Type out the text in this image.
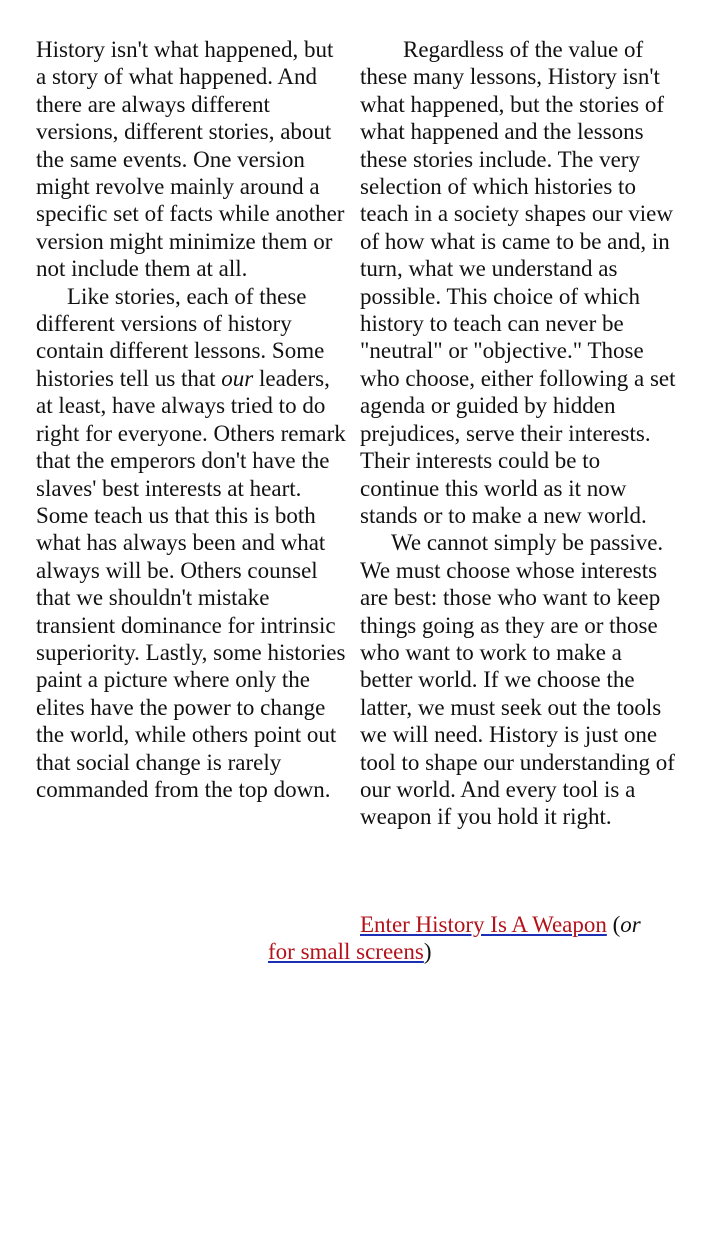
History isn't what happened, but a story of what happened. And there are always different versions, different stories, about the same events. One version might revolve mainly around a specific set of facts while another version might minimize them or not include them at all.

Like stories, each of these different versions of history contain different lessons. Some histories tell us that our leaders, at least, have always tried to do right for everyone. Others remark that the emperors don't have the slaves' best interests at heart. Some teach us that this is both what has always been and what always will be. Others counsel that we shouldn't mistake transient dominance for intrinsic superiority. Lastly, some histories paint a picture where only the elites have the power to change the world, while others point out that social change is rarely commanded from the top down.

Regardless of the value of these many lessons, History isn't what happened, but the stories of what happened and the lessons these stories include. The very selection of which histories to teach in a society shapes our view of how what is came to be and, in turn, what we understand as possible. This choice of which history to teach can never be "neutral" or "objective." Those who choose, either following a set agenda or guided by hidden prejudices, serve their interests. Their interests could be to continue this world as it now stands or to make a new world.

We cannot simply be passive. We must choose whose interests are best: those who want to keep things going as they are or those who want to work to make a better world. If we choose the latter, we must seek out the tools we will need. History is just one tool to shape our understanding of our world. And every tool is a weapon if you hold it right.

Enter History Is A Weapon (or

for small screens)
